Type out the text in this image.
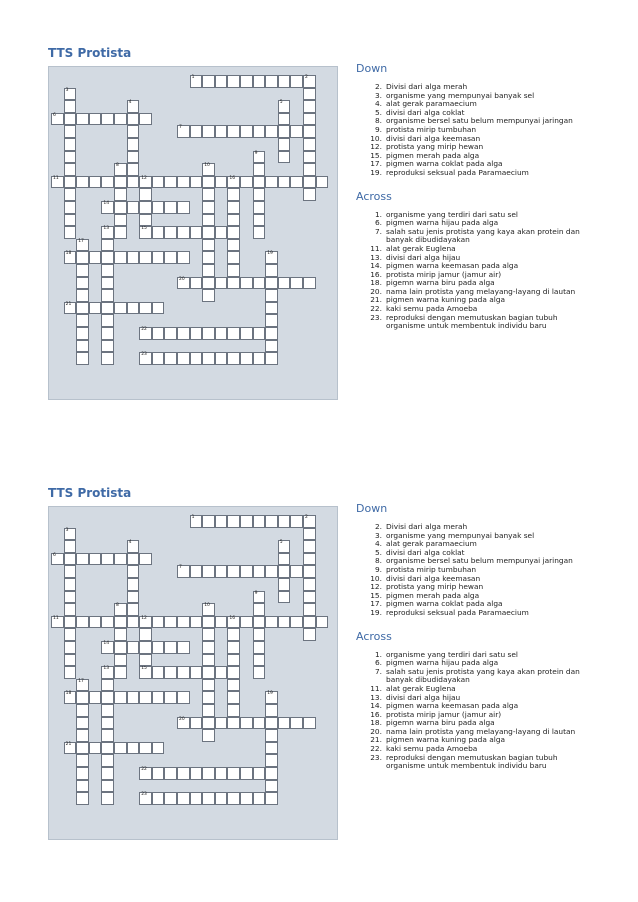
TTS Protista
1	2
6
7
11	12	16
14
13	15
18	19
20
21
22
23
3
4	5
9
8	10
17
Down
2. Divisi dari alga merah
3. organisme yang mempunyai banyak sel
4. alat gerak paramaecium
5. divisi dari alga coklat
8. organisme bersel satu belum mempunyai jaringan
9. protista mirip tumbuhan
10. divisi dari alga keemasan
12. protista yang mirip hewan
15. pigmen merah pada alga
17. pigmen warna coklat pada alga
19. reproduksi seksual pada Paramaecium
Across
1. organisme yang terdiri dari satu sel
6. pigmen warna hijau pada alga
7. salah satu jenis protista yang kaya akan protein dan banyak dibudidayakan
11. alat gerak Euglena
13. divisi dari alga hijau
14. pigmen warna keemasan pada alga
16. protista mirip jamur (jamur air)
18. pigemn warna biru pada alga
20. nama lain protista yang melayang-layang di lautan
21. pigmen warna kuning pada alga
22. kaki semu pada Amoeba
23. reproduksi dengan memutuskan bagian tubuh organisme untuk membentuk individu baru
TTS Protista
1	2
6
7
11	12	16
14
13	15
18	19
20
21
22
23
3
4	5
9
8	10
17
Down
2. Divisi dari alga merah
3. organisme yang mempunyai banyak sel
4. alat gerak paramaecium
5. divisi dari alga coklat
8. organisme bersel satu belum mempunyai jaringan
9. protista mirip tumbuhan
10. divisi dari alga keemasan
12. protista yang mirip hewan
15. pigmen merah pada alga
17. pigmen warna coklat pada alga
19. reproduksi seksual pada Paramaecium
Across
1. organisme yang terdiri dari satu sel
6. pigmen warna hijau pada alga
7. salah satu jenis protista yang kaya akan protein dan banyak dibudidayakan
11. alat gerak Euglena
13. divisi dari alga hijau
14. pigmen warna keemasan pada alga
16. protista mirip jamur (jamur air)
18. pigemn warna biru pada alga
20. nama lain protista yang melayang-layang di lautan
21. pigmen warna kuning pada alga
22. kaki semu pada Amoeba
23. reproduksi dengan memutuskan bagian tubuh organisme untuk membentuk individu baru
